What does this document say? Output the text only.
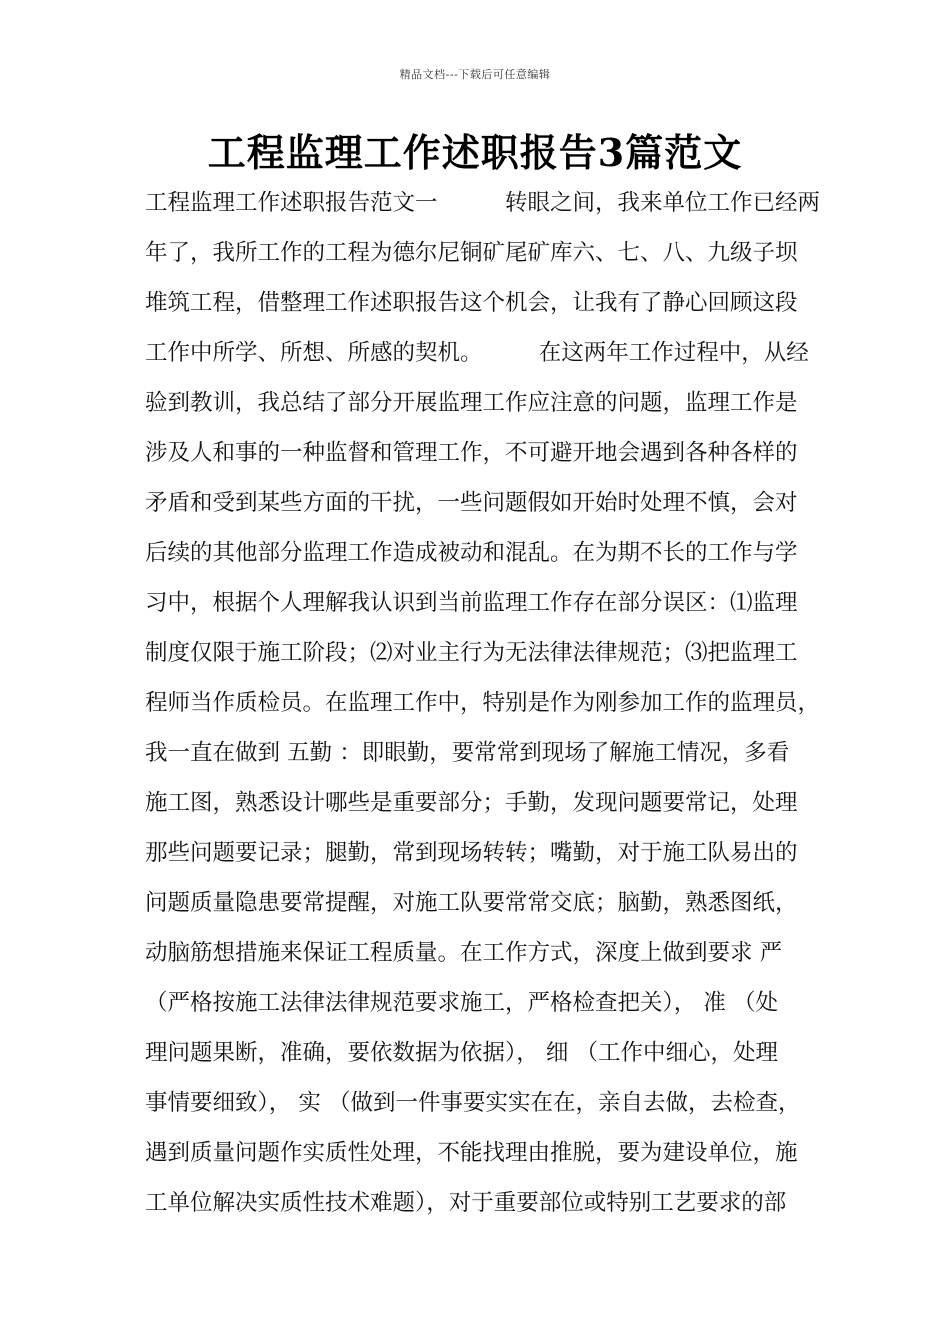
精品文档---下载后可任意编辑
工程监理工作述职报告3篇范文
工程监理工作述职报告范文一　　　转眼之间，我来单位工作已经两
年了，我所工作的工程为德尔尼铜矿尾矿库六、七、八、九级子坝
堆筑工程，借整理工作述职报告这个机会，让我有了静心回顾这段
工作中所学、所想、所感的契机。　　　在这两年工作过程中，从经
验到教训，我总结了部分开展监理工作应注意的问题，监理工作是
涉及人和事的一种监督和管理工作，不可避开地会遇到各种各样的
矛盾和受到某些方面的干扰，一些问题假如开始时处理不慎，会对
后续的其他部分监理工作造成被动和混乱。在为期不长的工作与学
习中，根据个人理解我认识到当前监理工作存在部分误区：⑴监理
制度仅限于施工阶段；⑵对业主行为无法律法律规范；⑶把监理工
程师当作质检员。在监理工作中，特别是作为刚参加工作的监理员，
我一直在做到 五勤 ：即眼勤，要常常到现场了解施工情况，多看
施工图，熟悉设计哪些是重要部分；手勤，发现问题要常记，处理
那些问题要记录；腿勤，常到现场转转；嘴勤，对于施工队易出的
问题质量隐患要常提醒，对施工队要常常交底；脑勤，熟悉图纸，
动脑筋想措施来保证工程质量。在工作方式，深度上做到要求 严
（严格按施工法律法律规范要求施工，严格检查把关）， 准 （处
理问题果断，准确，要依数据为依据）， 细 （工作中细心，处理
事情要细致）， 实 （做到一件事要实实在在，亲自去做，去检查，
遇到质量问题作实质性处理，不能找理由推脱，要为建设单位，施
工单位解决实质性技术难题），对于重要部位或特别工艺要求的部
